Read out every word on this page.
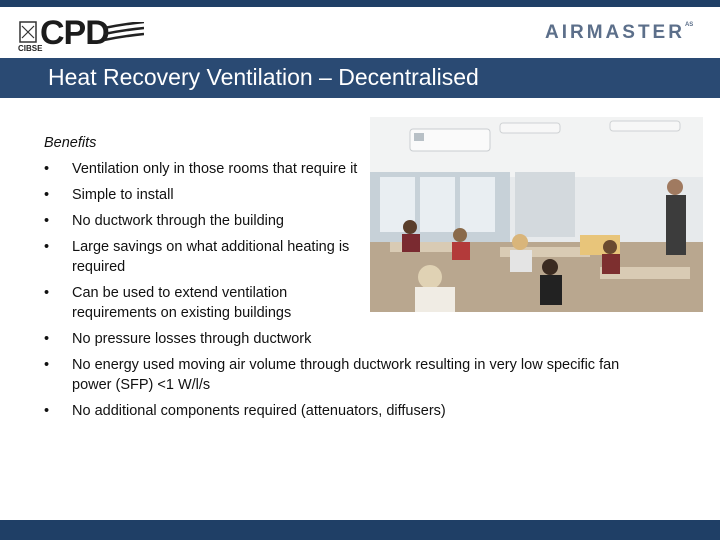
CIBSE
CPD	$AIRMASTER^{AS}$
Heat Recovery Ventilation – Decentralised
Benefits
• Ventilation only in those rooms that require it
• Simple to install
• No ductwork through the building
• Large savings on what additional heating is required
• Can be used to extend ventilation requirements on existing buildings
• No pressure losses through ductwork
• No energy used moving air volume through ductwork resulting in very low specific fan power (SFP) <1 W/l/s
• No additional components required (attenuators, diffusers)
